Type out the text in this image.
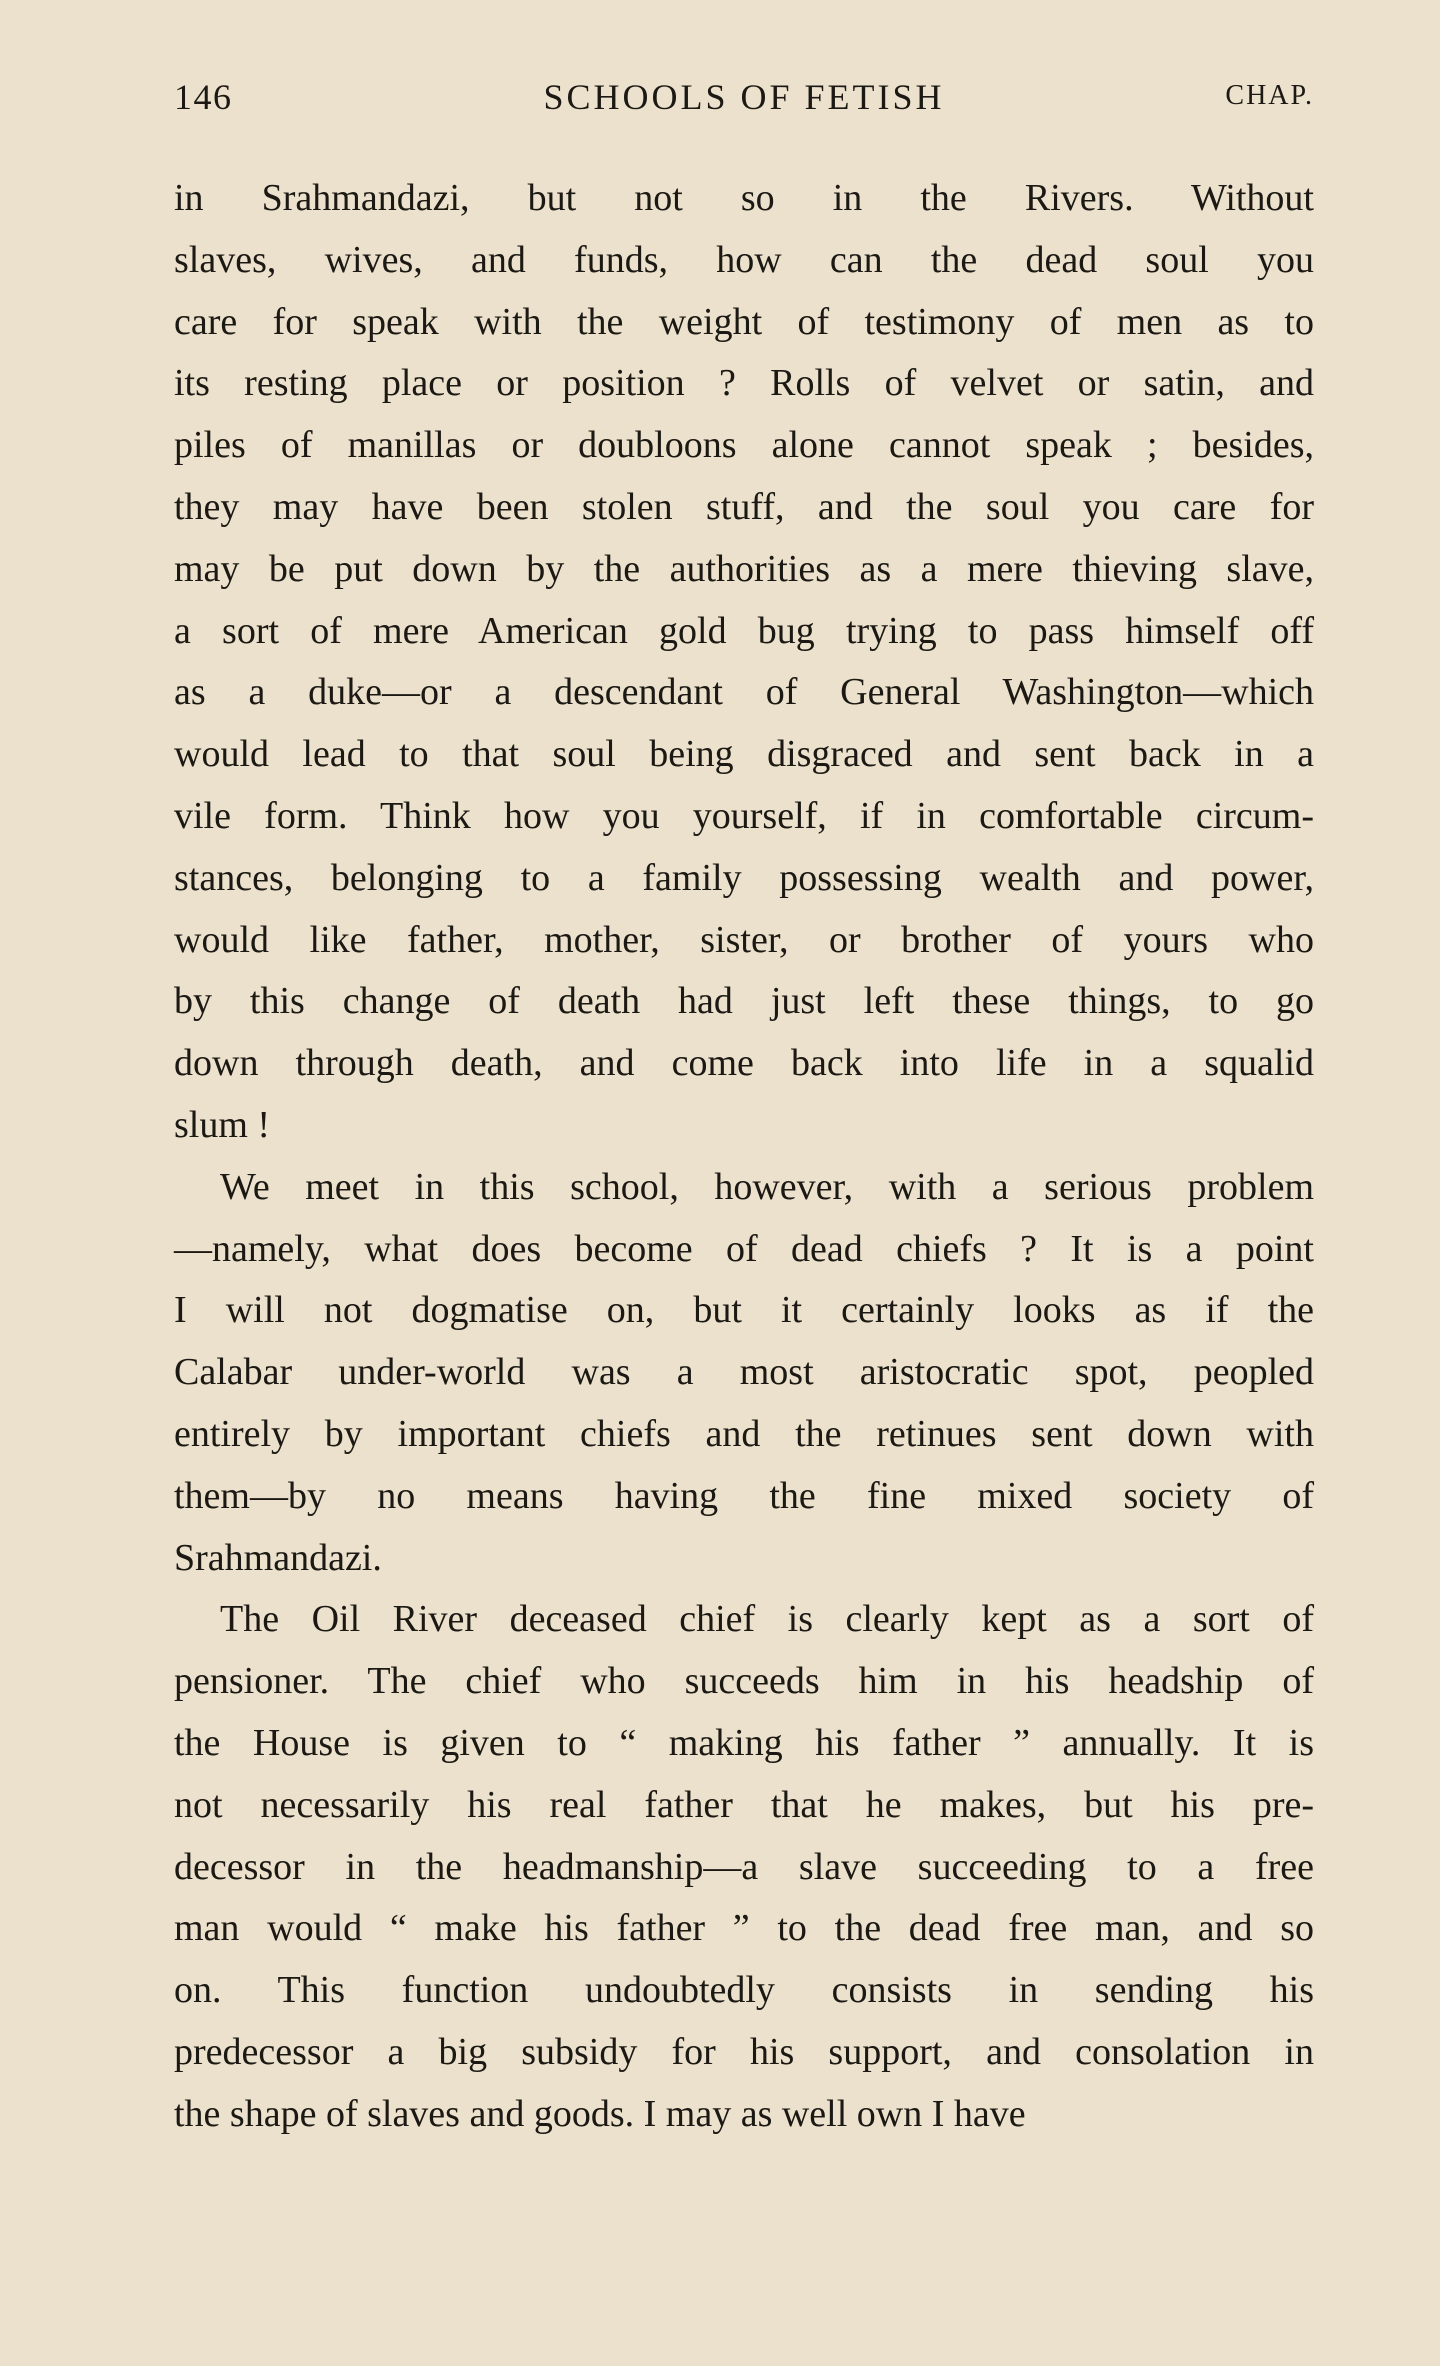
146	SCHOOLS OF FETISH	CHAP.
in Srahmandazi, but not so in the Rivers. Without
slaves, wives, and funds, how can the dead soul you
care for speak with the weight of testimony of men as to
its resting place or position ? Rolls of velvet or satin, and
piles of manillas or doubloons alone cannot speak ; besides,
they may have been stolen stuff, and the soul you care for
may be put down by the authorities as a mere thieving slave,
a sort of mere American gold bug trying to pass himself off
as a duke—or a descendant of General Washington—which
would lead to that soul being disgraced and sent back in a
vile form. Think how you yourself, if in comfortable circum-
stances, belonging to a family possessing wealth and power,
would like father, mother, sister, or brother of yours who
by this change of death had just left these things, to go
down through death, and come back into life in a squalid
slum !
We meet in this school, however, with a serious problem
—namely, what does become of dead chiefs ? It is a point
I will not dogmatise on, but it certainly looks as if the
Calabar under-world was a most aristocratic spot, peopled
entirely by important chiefs and the retinues sent down with
them—by no means having the fine mixed society of
Srahmandazi.
The Oil River deceased chief is clearly kept as a sort of
pensioner. The chief who succeeds him in his headship of
the House is given to “ making his father ” annually. It is
not necessarily his real father that he makes, but his pre-
decessor in the headmanship—a slave succeeding to a free
man would “ make his father ” to the dead free man, and so
on. This function undoubtedly consists in sending his
predecessor a big subsidy for his support, and consolation in
the shape of slaves and goods. I may as well own I have
